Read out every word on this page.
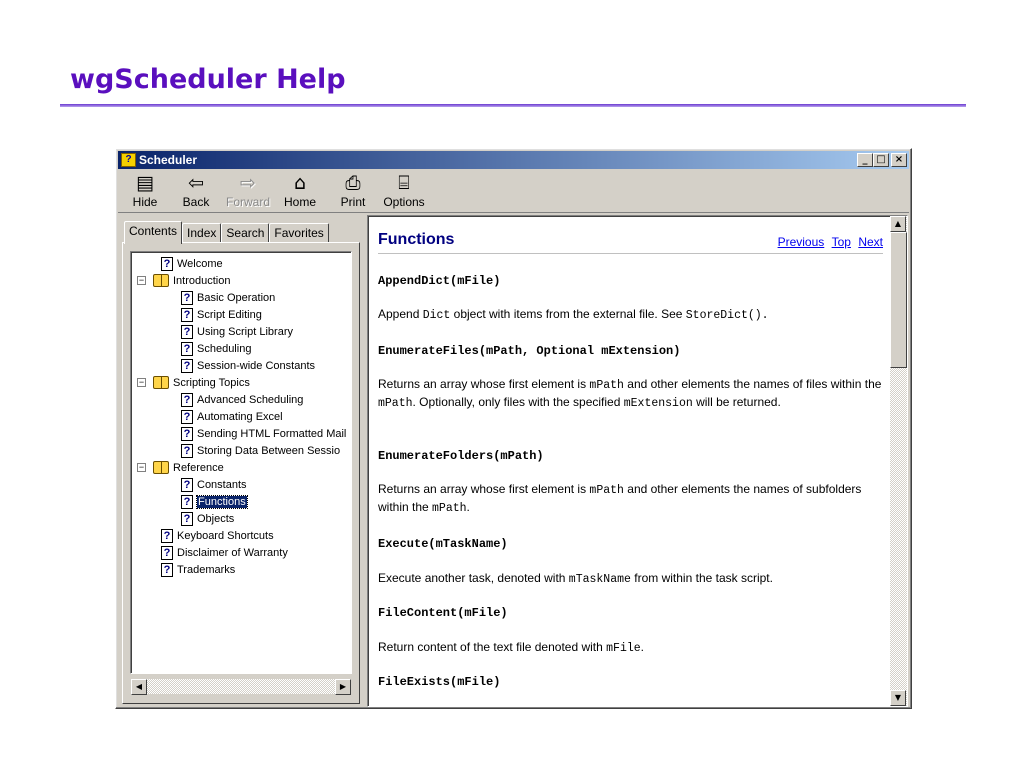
wgScheduler Help
? Scheduler	_ □ ×
▤
Hide
⇦
Back
⇨
Forward
⌂
Home
⎙
Print
⌸
Options
Contents Index Search Favorites
? Welcome
−	Introduction
? Basic Operation
? Script Editing
? Using Script Library
? Scheduling
? Session-wide Constants
−	Scripting Topics
? Advanced Scheduling
? Automating Excel
? Sending HTML Formatted Mail
? Storing Data Between Sessio
−	Reference
? Constants
? Functions
? Objects
? Keyboard Shortcuts
? Disclaimer of Warranty
? Trademarks
◀	▶
Functions	Previous Top Next

AppendDict(mFile)

Append Dict object with items from the external file. See StoreDict().

EnumerateFiles(mPath, Optional mExtension)

Returns an array whose first element is mPath and other elements the names of files within the mPath. Optionally, only files with the specified mExtension will be returned.

EnumerateFolders(mPath)

Returns an array whose first element is mPath and other elements the names of subfolders within the mPath.

Execute(mTaskName)

Execute another task, denoted with mTaskName from within the task script.

FileContent(mFile)

Return content of the text file denoted with mFile.

FileExists(mFile)

▲
▼
